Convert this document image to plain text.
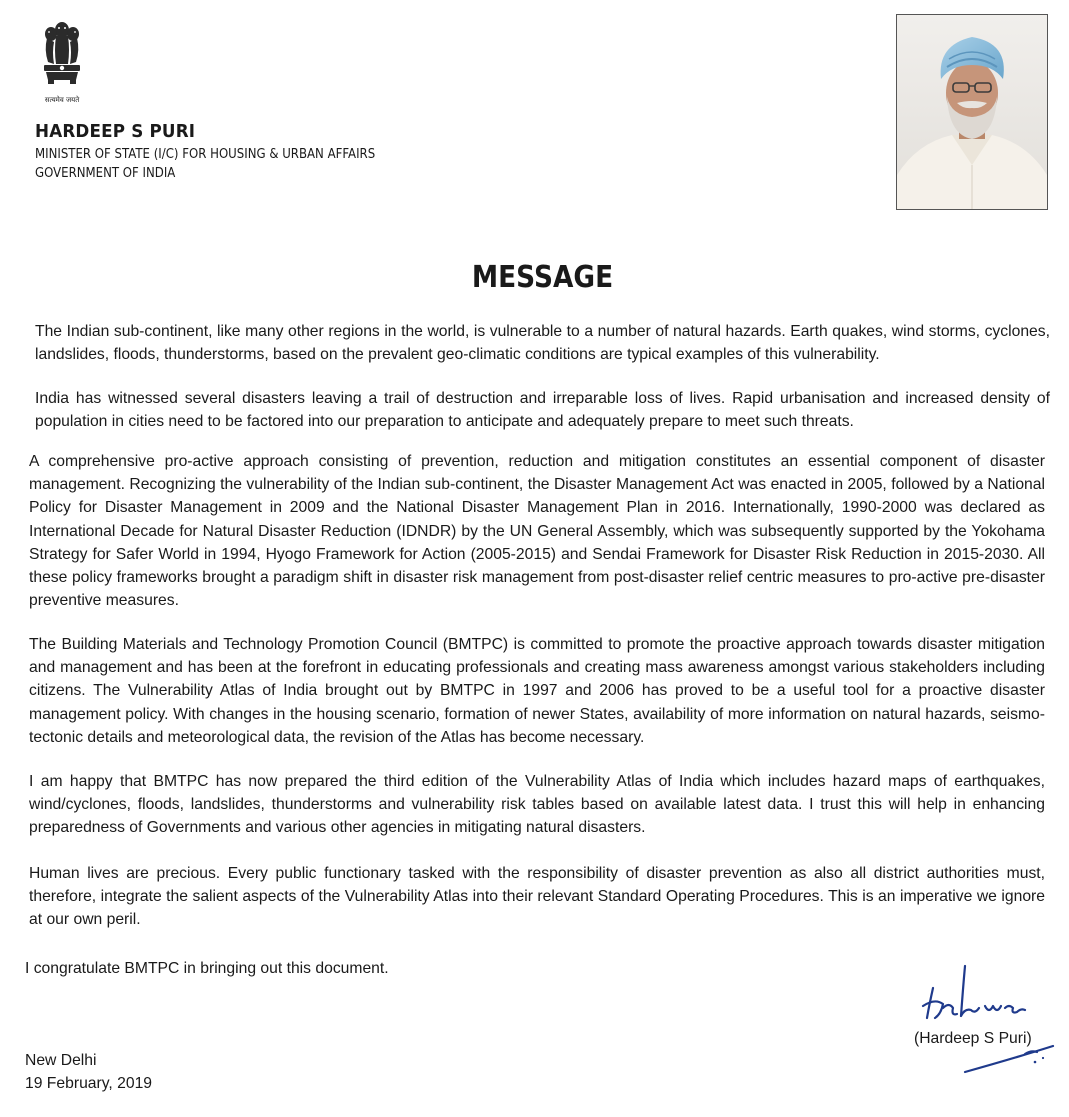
सत्यमेव जयते

HARDEEP S PURI

MINISTER OF STATE (I/C) FOR HOUSING & URBAN AFFAIRS

GOVERNMENT OF INDIA

MESSAGE

The Indian sub-continent, like many other regions in the world, is vulnerable to a number of natural hazards. Earth quakes, wind storms, cyclones, landslides, floods, thunderstorms, based on the prevalent geo-climatic conditions are typical examples of this vulnerability.

India has witnessed several disasters leaving a trail of destruction and irreparable loss of lives. Rapid urbanisation and increased density of population in cities need to be factored into our preparation to anticipate and adequately prepare to meet such threats.

A comprehensive pro-active approach consisting of prevention, reduction and mitigation constitutes an essential component of disaster management. Recognizing the vulnerability of the Indian sub-continent, the Disaster Management Act was enacted in 2005, followed by a National Policy for Disaster Management in 2009 and the National Disaster Management Plan in 2016. Internationally, 1990-2000 was declared as International Decade for Natural Disaster Reduction (IDNDR) by the UN General Assembly, which was subsequently supported by the Yokohama Strategy for Safer World in 1994, Hyogo Framework for Action (2005-2015) and Sendai Framework for Disaster Risk Reduction in 2015-2030. All these policy frameworks brought a paradigm shift in disaster risk management from post-disaster relief centric measures to pro-active pre-disaster preventive measures.

The Building Materials and Technology Promotion Council (BMTPC) is committed to promote the proactive approach towards disaster mitigation and management and has been at the forefront in educating professionals and creating mass awareness amongst various stakeholders including citizens. The Vulnerability Atlas of India brought out by BMTPC in 1997 and 2006 has proved to be a useful tool for a proactive disaster management policy. With changes in the housing scenario, formation of newer States, availability of more information on natural hazards, seismo-tectonic details and meteorological data, the revision of the Atlas has become necessary.

I am happy that BMTPC has now prepared the third edition of the Vulnerability Atlas of India which includes hazard maps of earthquakes, wind/cyclones, floods, landslides, thunderstorms and vulnerability risk tables based on available latest data. I trust this will help in enhancing preparedness of Governments and various other agencies in mitigating natural disasters.

Human lives are precious. Every public functionary tasked with the responsibility of disaster prevention as also all district authorities must, therefore, integrate the salient aspects of the Vulnerability Atlas into their relevant Standard Operating Procedures. This is an imperative we ignore at our own peril.

I congratulate BMTPC in bringing out this document.

(Hardeep S Puri)

New Delhi

19 February, 2019
